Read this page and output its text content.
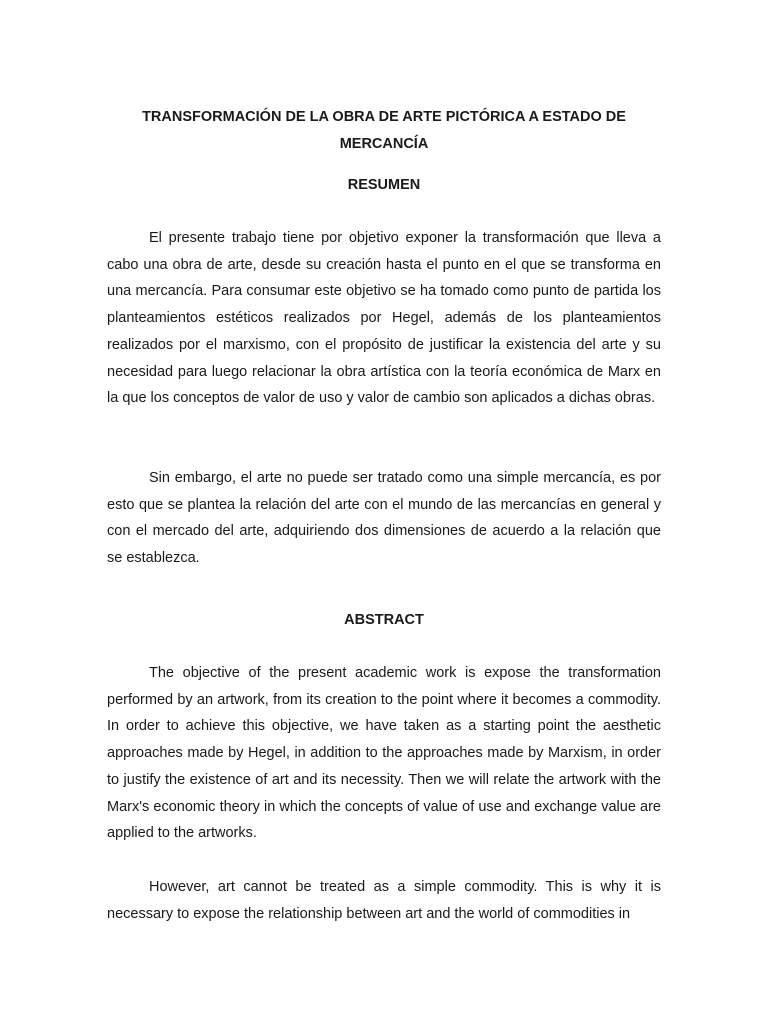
TRANSFORMACIÓN DE LA OBRA DE ARTE PICTÓRICA A ESTADO DE MERCANCÍA
RESUMEN

El presente trabajo tiene por objetivo exponer la transformación que lleva a cabo una obra de arte, desde su creación hasta el punto en el que se transforma en una mercancía. Para consumar este objetivo se ha tomado como punto de partida los planteamientos estéticos realizados por Hegel, además de los planteamientos realizados por el marxismo, con el propósito de justificar la existencia del arte y su necesidad para luego relacionar la obra artística con la teoría económica de Marx en la que los conceptos de valor de uso y valor de cambio son aplicados a dichas obras.

Sin embargo, el arte no puede ser tratado como una simple mercancía, es por esto que se plantea la relación del arte con el mundo de las mercancías en general y con el mercado del arte, adquiriendo dos dimensiones de acuerdo a la relación que se establezca.

ABSTRACT

The objective of the present academic work is expose the transformation performed by an artwork, from its creation to the point where it becomes a commodity. In order to achieve this objective, we have taken as a starting point the aesthetic approaches made by Hegel, in addition to the approaches made by Marxism, in order to justify the existence of art and its necessity. Then we will relate the artwork with the Marx's economic theory in which the concepts of value of use and exchange value are applied to the artworks.

However, art cannot be treated as a simple commodity. This is why it is necessary to expose the relationship between art and the world of commodities in
